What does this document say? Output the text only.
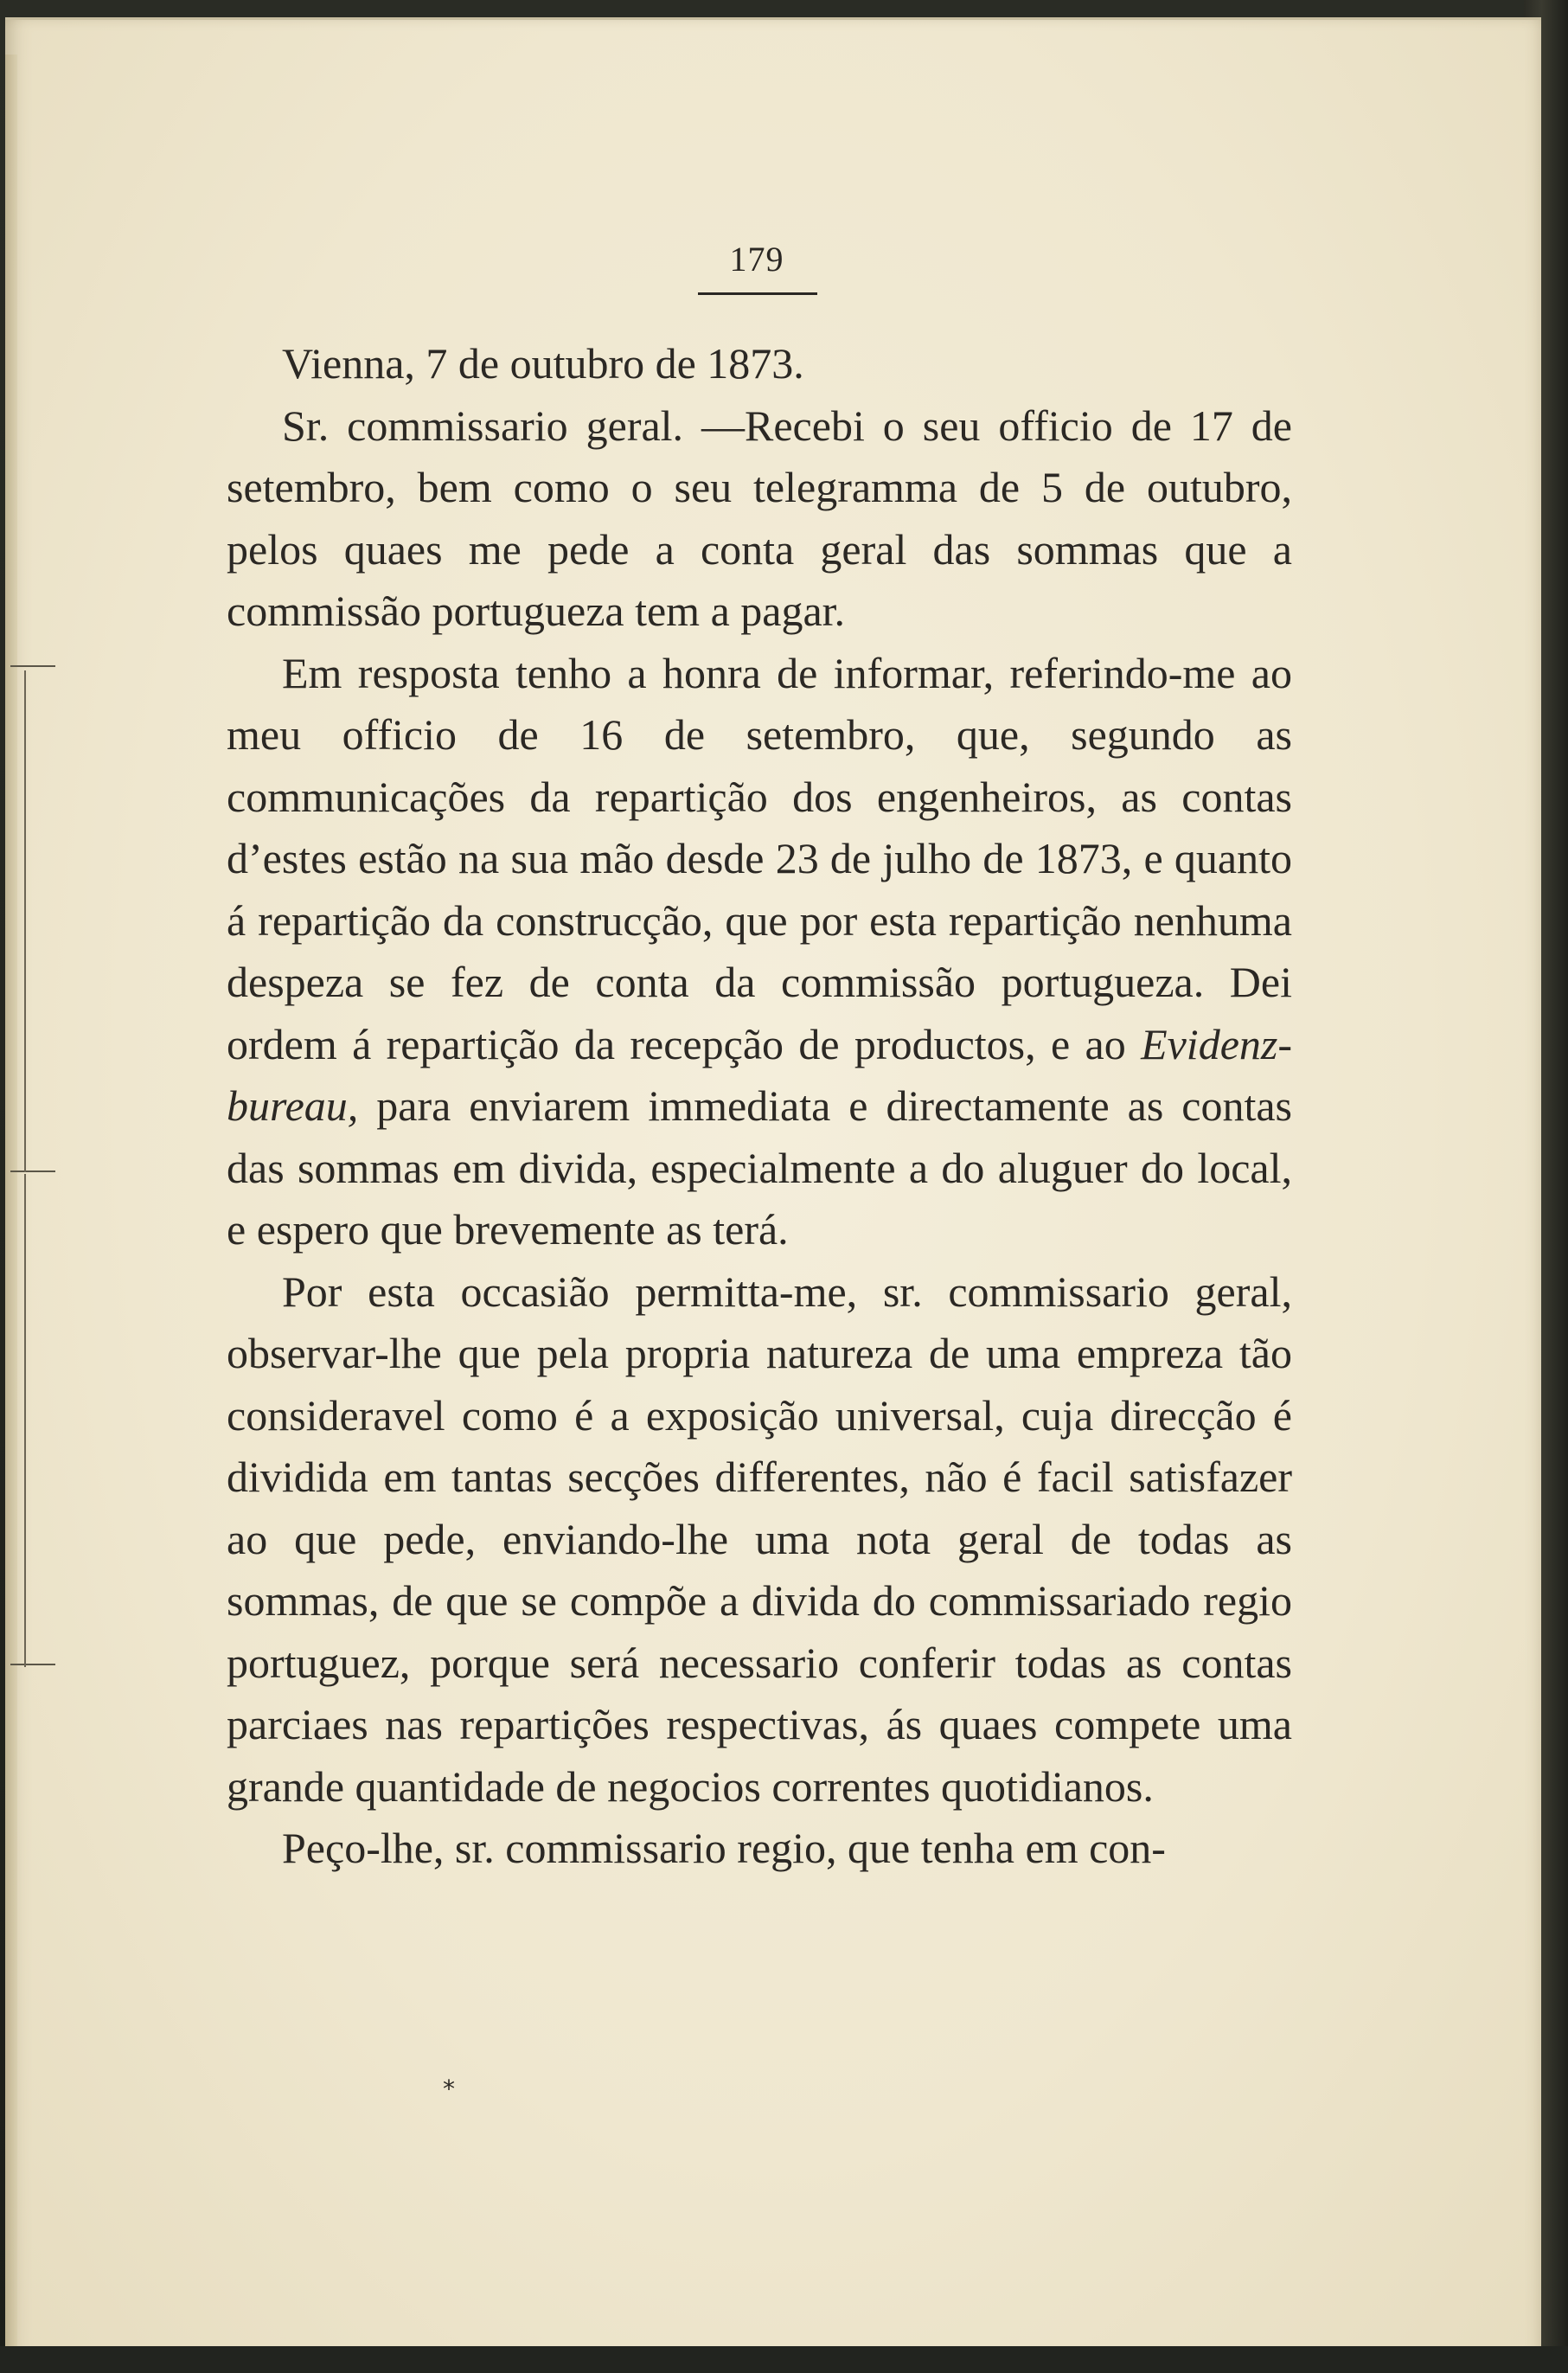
179

Vienna, 7 de outubro de 1873.

Sr. commissario geral. —Recebi o seu officio de 17 de setembro, bem como o seu telegramma de 5 de outubro, pelos quaes me pede a conta geral das sommas que a commissão portugueza tem a pagar.

Em resposta tenho a honra de informar, referindo-me ao meu officio de 16 de setembro, que, segundo as communicações da repartição dos engenheiros, as contas d’estes estão na sua mão desde 23 de julho de 1873, e quanto á repartição da construcção, que por esta repartição nenhuma despeza se fez de conta da commissão portugueza. Dei ordem á repartição da recepção de productos, e ao Evidenz-bureau, para enviarem immediata e directamente as contas das sommas em divida, especialmente a do aluguer do local, e espero que brevemente as terá.

Por esta occasião permitta-me, sr. commissario geral, observar-lhe que pela propria natureza de uma empreza tão consideravel como é a exposição universal, cuja direcção é dividida em tantas secções differentes, não é facil satisfazer ao que pede, enviando-lhe uma nota geral de todas as sommas, de que se compõe a divida do commissariado regio portuguez, porque será necessario conferir todas as contas parciaes nas repartições respectivas, ás quaes compete uma grande quantidade de negocios correntes quotidianos.

Peço-lhe, sr. commissario regio, que tenha em con-

*
